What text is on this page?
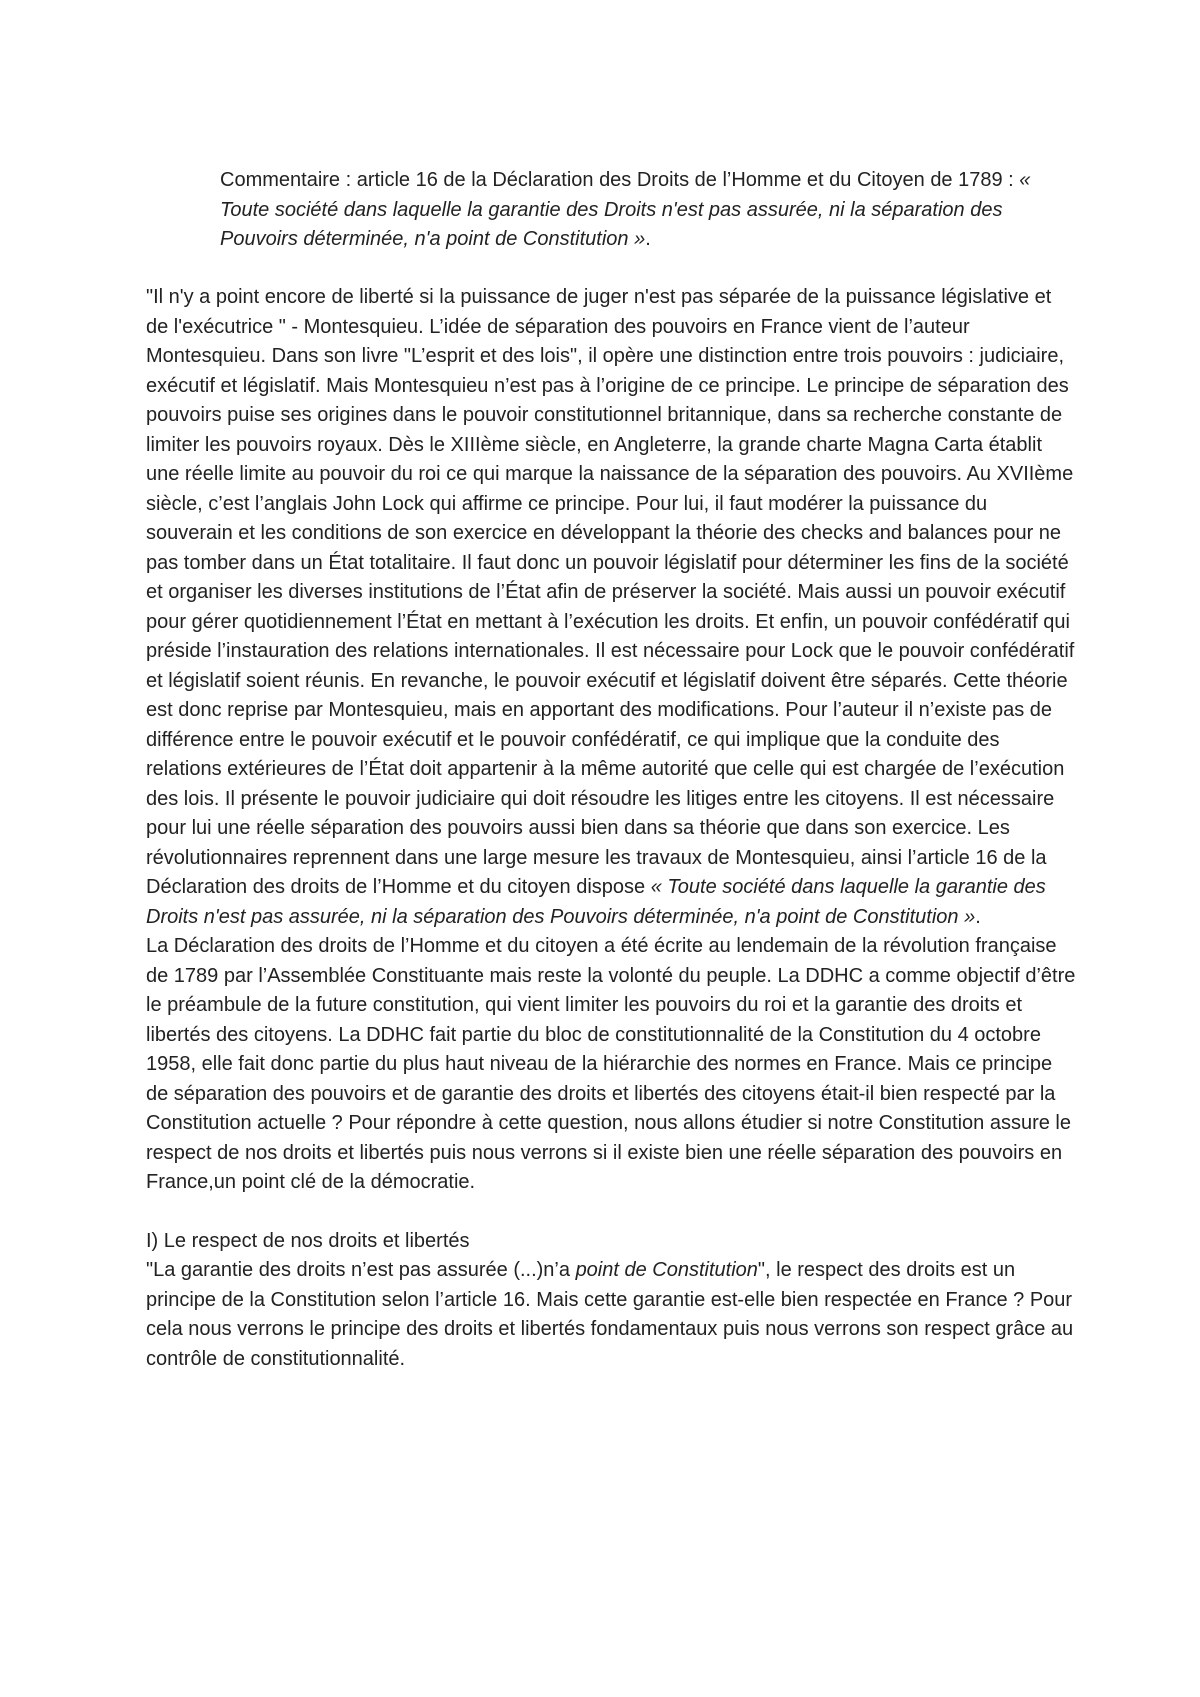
Commentaire : article 16 de la Déclaration des Droits de l’Homme et du Citoyen de 1789 : « Toute société dans laquelle la garantie des Droits n'est pas assurée, ni la séparation des Pouvoirs déterminée, n'a point de Constitution ».

"Il n'y a point encore de liberté si la puissance de juger n'est pas séparée de la puissance législative et de l'exécutrice " - Montesquieu. L’idée de séparation des pouvoirs en France vient de l’auteur Montesquieu. Dans son livre "L’esprit et des lois", il opère une distinction entre trois pouvoirs : judiciaire, exécutif et législatif. Mais Montesquieu n’est pas à l’origine de ce principe. Le principe de séparation des pouvoirs puise ses origines dans le pouvoir constitutionnel britannique, dans sa recherche constante de limiter les pouvoirs royaux. Dès le XIIIème siècle, en Angleterre, la grande charte Magna Carta établit une réelle limite au pouvoir du roi ce qui marque la naissance de la séparation des pouvoirs. Au XVIIème siècle, c’est l’anglais John Lock qui affirme ce principe. Pour lui, il faut modérer la puissance du souverain et les conditions de son exercice en développant la théorie des checks and balances pour ne pas tomber dans un État totalitaire. Il faut donc un pouvoir législatif pour déterminer les fins de la société et organiser les diverses institutions de l’État afin de préserver la société. Mais aussi un pouvoir exécutif pour gérer quotidiennement l’État en mettant à l’exécution les droits. Et enfin, un pouvoir confédératif qui préside l’instauration des relations internationales. Il est nécessaire pour Lock que le pouvoir confédératif et législatif soient réunis. En revanche, le pouvoir exécutif et législatif doivent être séparés. Cette théorie est donc reprise par Montesquieu, mais en apportant des modifications. Pour l’auteur il n’existe pas de différence entre le pouvoir exécutif et le pouvoir confédératif, ce qui implique que la conduite des relations extérieures de l’État doit appartenir à la même autorité que celle qui est chargée de l’exécution des lois. Il présente le pouvoir judiciaire qui doit résoudre les litiges entre les citoyens. Il est nécessaire pour lui une réelle séparation des pouvoirs aussi bien dans sa théorie que dans son exercice. Les révolutionnaires reprennent dans une large mesure les travaux de Montesquieu, ainsi l’article 16 de la Déclaration des droits de l’Homme et du citoyen dispose « Toute société dans laquelle la garantie des Droits n'est pas assurée, ni la séparation des Pouvoirs déterminée, n'a point de Constitution ».

La Déclaration des droits de l’Homme et du citoyen a été écrite au lendemain de la révolution française de 1789 par l’Assemblée Constituante mais reste la volonté du peuple. La DDHC a comme objectif d’être le préambule de la future constitution, qui vient limiter les pouvoirs du roi et la garantie des droits et libertés des citoyens. La DDHC fait partie du bloc de constitutionnalité de la Constitution du 4 octobre 1958, elle fait donc partie du plus haut niveau de la hiérarchie des normes en France. Mais ce principe de séparation des pouvoirs et de garantie des droits et libertés des citoyens était-il bien respecté par la Constitution actuelle ? Pour répondre à cette question, nous allons étudier si notre Constitution assure le respect de nos droits et libertés puis nous verrons si il existe bien une réelle séparation des pouvoirs en France,un point clé de la démocratie.

I) Le respect de nos droits et libertés

"La garantie des droits n’est pas assurée (...)n’a point de Constitution", le respect des droits est un principe de la Constitution selon l’article 16. Mais cette garantie est-elle bien respectée en France ? Pour cela nous verrons le principe des droits et libertés fondamentaux puis nous verrons son respect grâce au contrôle de constitutionnalité.
